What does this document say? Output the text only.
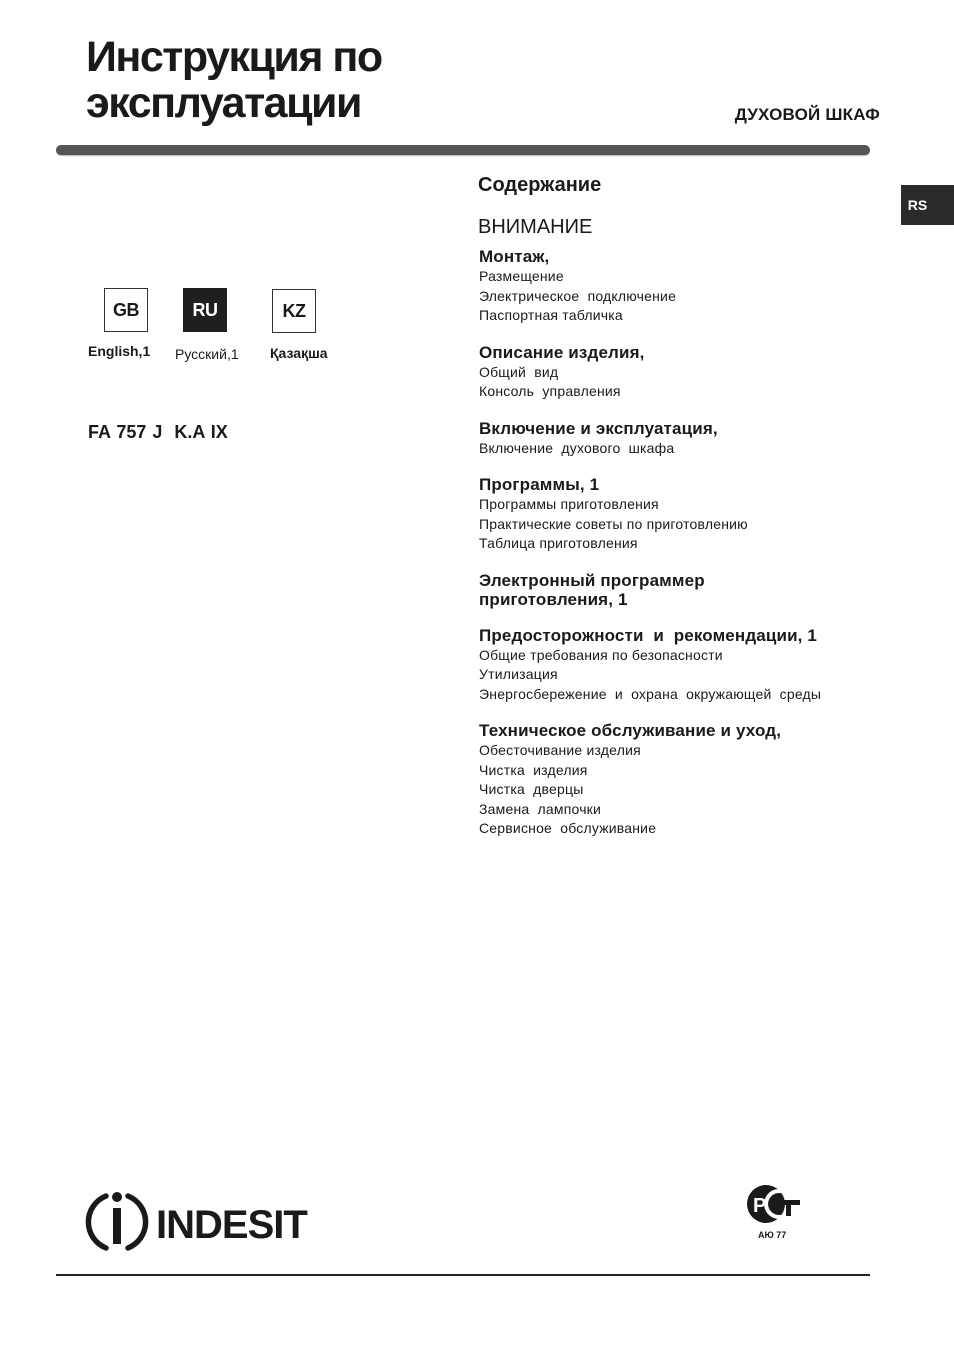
Инструкция по
эксплуатации	ДУХОВОЙ ШКАФ
RS
GB	RU	KZ
English,1 Русский,1 Қазақша
FA 757 J  K.A IX
Содержание
ВНИМАНИЕ
Монтаж,
Размещение
Электрическое  подключение
Паспортная табличка
Описание изделия,
Общий  вид
Консоль  управления
Включение и эксплуатация,
Включение  духового  шкафа
Программы, 1
Программы приготовления
Практические советы по приготовлению
Таблица приготовления
Электронный программер приготовления, 1
Предосторожности  и  рекомендации, 1
Общие требования по безопасности
Утилизация
Энергосбережение  и  охрана  окружающей  среды
Техническое обслуживание и уход,
Обесточивание изделия
Чистка  изделия
Чистка  дверцы
Замена  лампочки
Сервисное  обслуживание
INDESIT	P
АЮ 77
